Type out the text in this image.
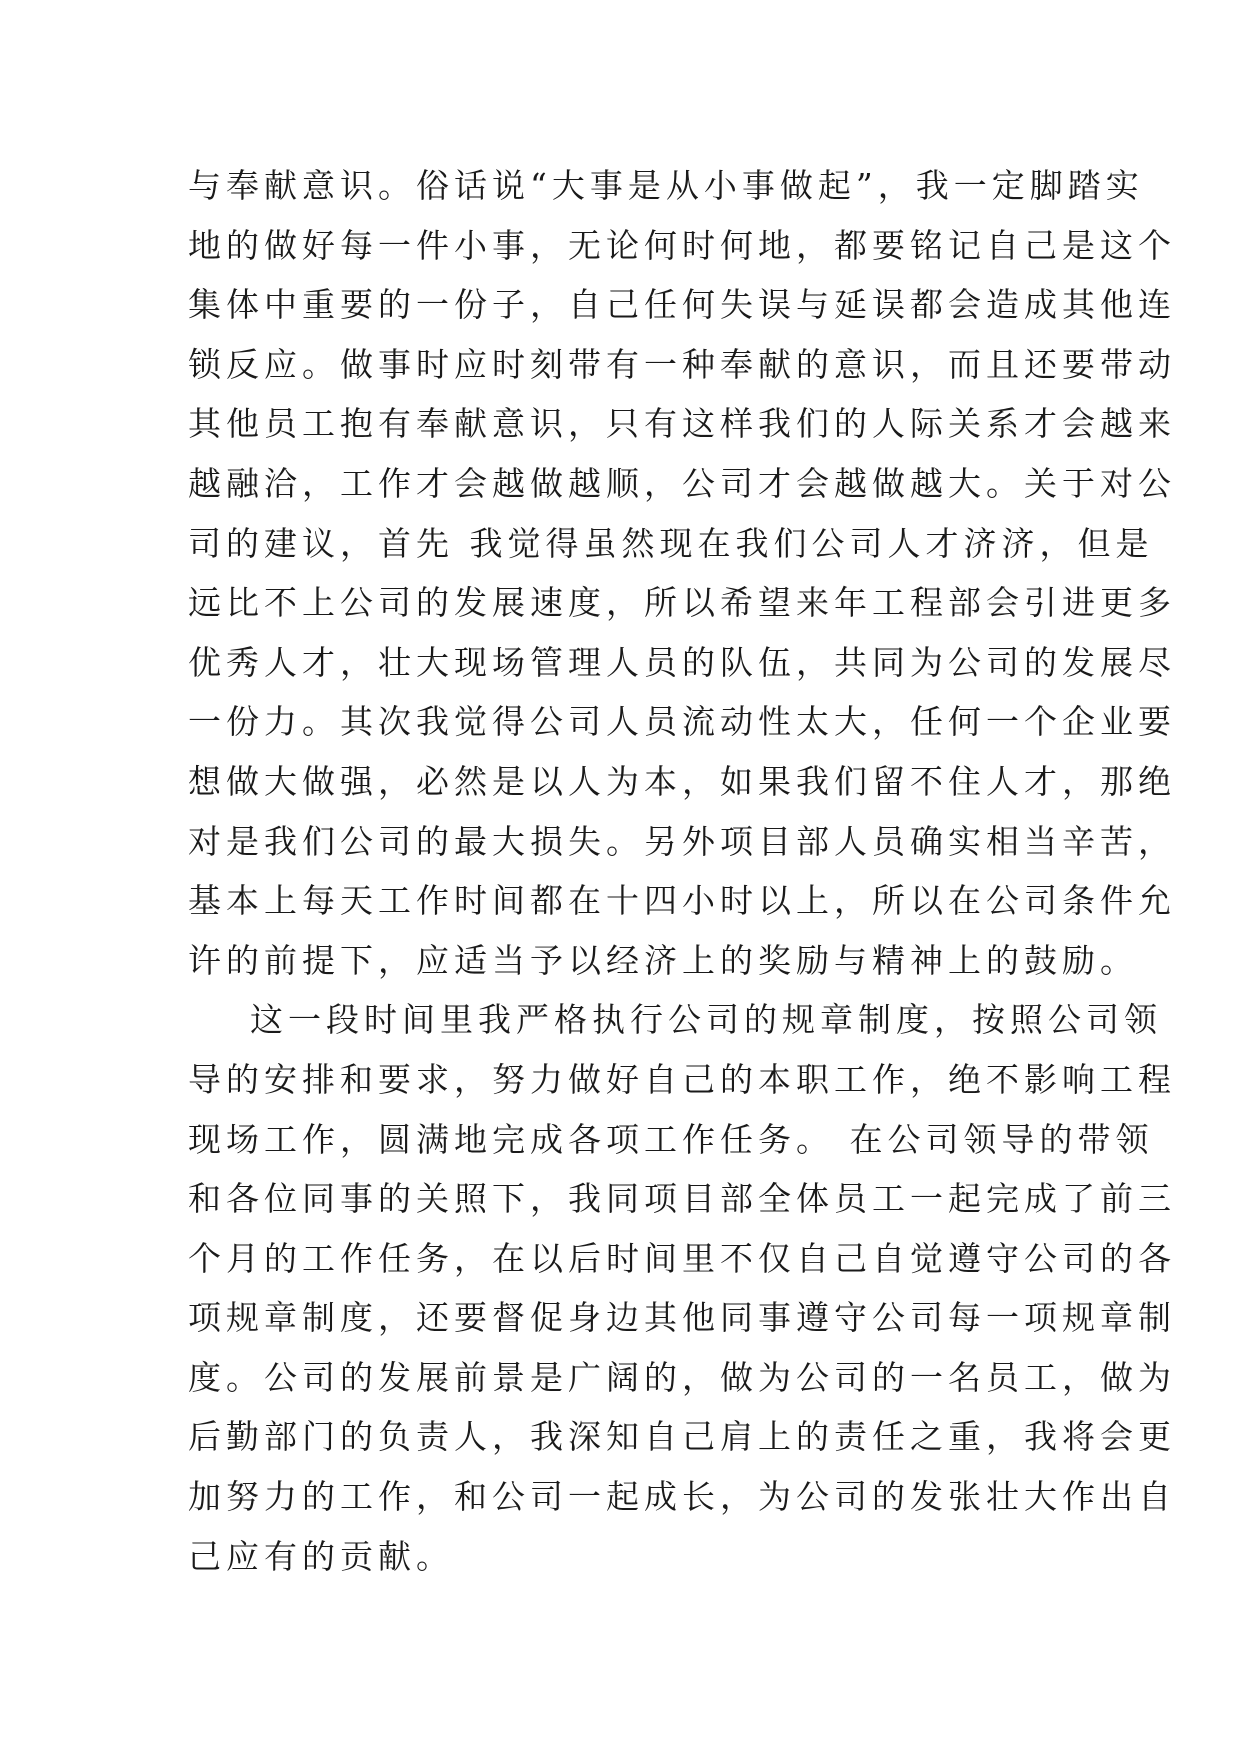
与奉献意识。俗话说“大事是从小事做起”，我一定脚踏实
地的做好每一件小事，无论何时何地，都要铭记自己是这个
集体中重要的一份子，自己任何失误与延误都会造成其他连
锁反应。做事时应时刻带有一种奉献的意识，而且还要带动
其他员工抱有奉献意识，只有这样我们的人际关系才会越来
越融洽，工作才会越做越顺，公司才会越做越大。关于对公
司的建议，首先 我觉得虽然现在我们公司人才济济，但是
远比不上公司的发展速度，所以希望来年工程部会引进更多
优秀人才，壮大现场管理人员的队伍，共同为公司的发展尽
一份力。其次我觉得公司人员流动性太大，任何一个企业要
想做大做强，必然是以人为本，如果我们留不住人才，那绝
对是我们公司的最大损失。另外项目部人员确实相当辛苦，
基本上每天工作时间都在十四小时以上，所以在公司条件允
许的前提下，应适当予以经济上的奖励与精神上的鼓励。
这一段时间里我严格执行公司的规章制度，按照公司领
导的安排和要求，努力做好自己的本职工作，绝不影响工程
现场工作，圆满地完成各项工作任务。 在公司领导的带领
和各位同事的关照下，我同项目部全体员工一起完成了前三
个月的工作任务，在以后时间里不仅自己自觉遵守公司的各
项规章制度，还要督促身边其他同事遵守公司每一项规章制
度。公司的发展前景是广阔的，做为公司的一名员工，做为
后勤部门的负责人，我深知自己肩上的责任之重，我将会更
加努力的工作，和公司一起成长，为公司的发张壮大作出自
己应有的贡献。
